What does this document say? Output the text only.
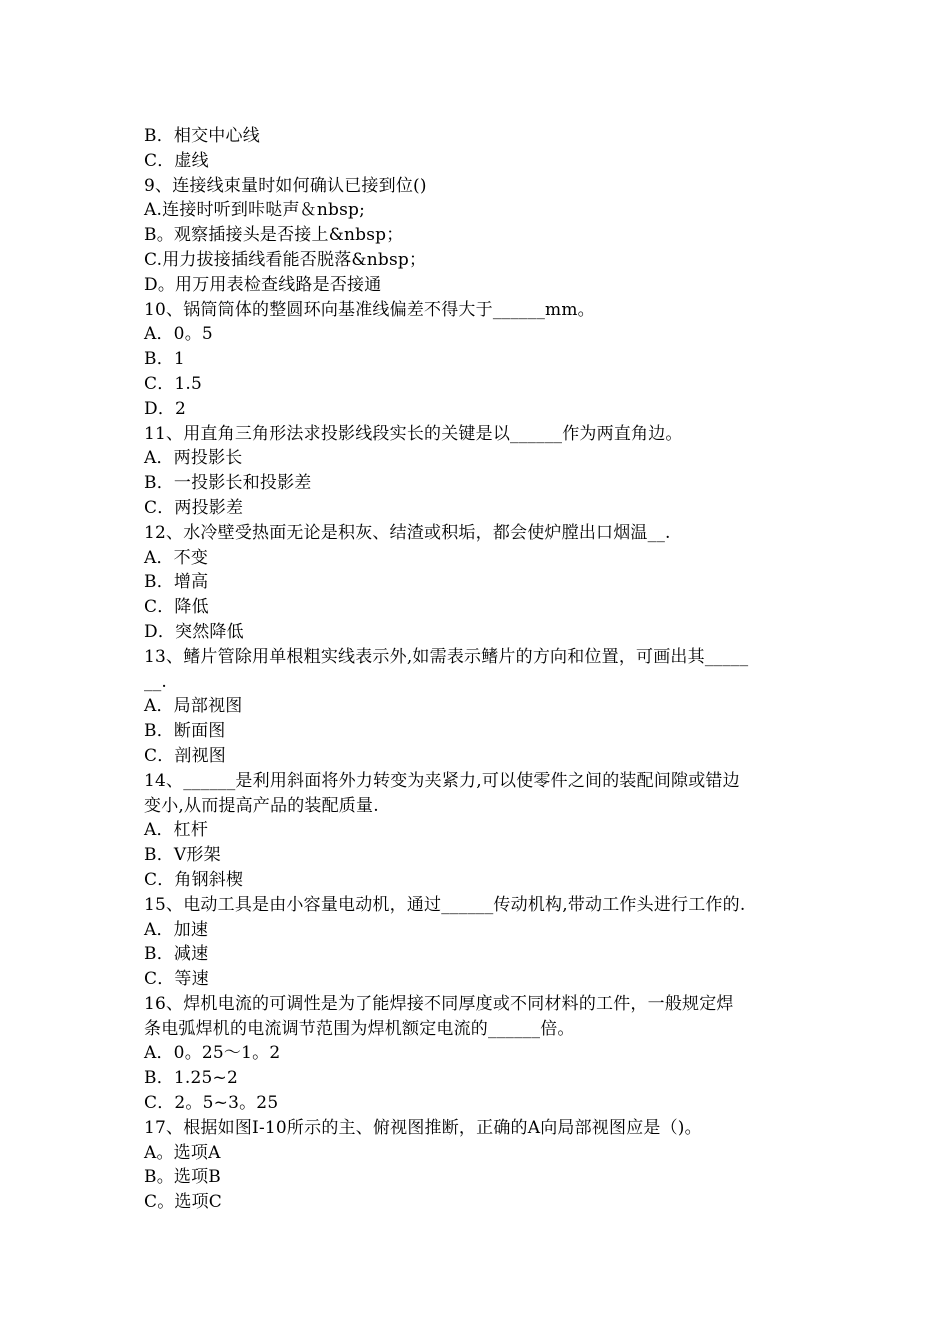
B．相交中心线
C．虚线
9、连接线束量时如何确认已接到位()
A.连接时听到咔哒声＆nbsp;
B。观察插接头是否接上&nbsp；
C.用力拔接插线看能否脱落&nbsp；
D。用万用表检查线路是否接通
10、锅筒筒体的整圆环向基准线偏差不得大于______mm。
A．0。5
B．1
C．1.5
D．2
11、用直角三角形法求投影线段实长的关键是以______作为两直角边。
A．两投影长
B．一投影长和投影差
C．两投影差
12、水冷壁受热面无论是积灰、结渣或积垢，都会使炉膛出口烟温__.
A．不变
B．增高
C．降低
D．突然降低
13、鳍片管除用单根粗实线表示外,如需表示鳍片的方向和位置，可画出其_____
__.
A．局部视图
B．断面图
C．剖视图
14、______是利用斜面将外力转变为夹紧力,可以使零件之间的装配间隙或错边
变小,从而提高产品的装配质量.
A．杠杆
B．V形架
C．角钢斜楔
15、电动工具是由小容量电动机，通过______传动机构,带动工作头进行工作的.
A．加速
B．减速
C．等速
16、焊机电流的可调性是为了能焊接不同厚度或不同材料的工件，一般规定焊
条电弧焊机的电流调节范围为焊机额定电流的______倍。
A．0。25～1。2
B．1.25~2
C．2。5~3。25
17、根据如图Ⅰ-10所示的主、俯视图推断，正确的A向局部视图应是（)。
A。选项A
B。选项B
C。选项C
